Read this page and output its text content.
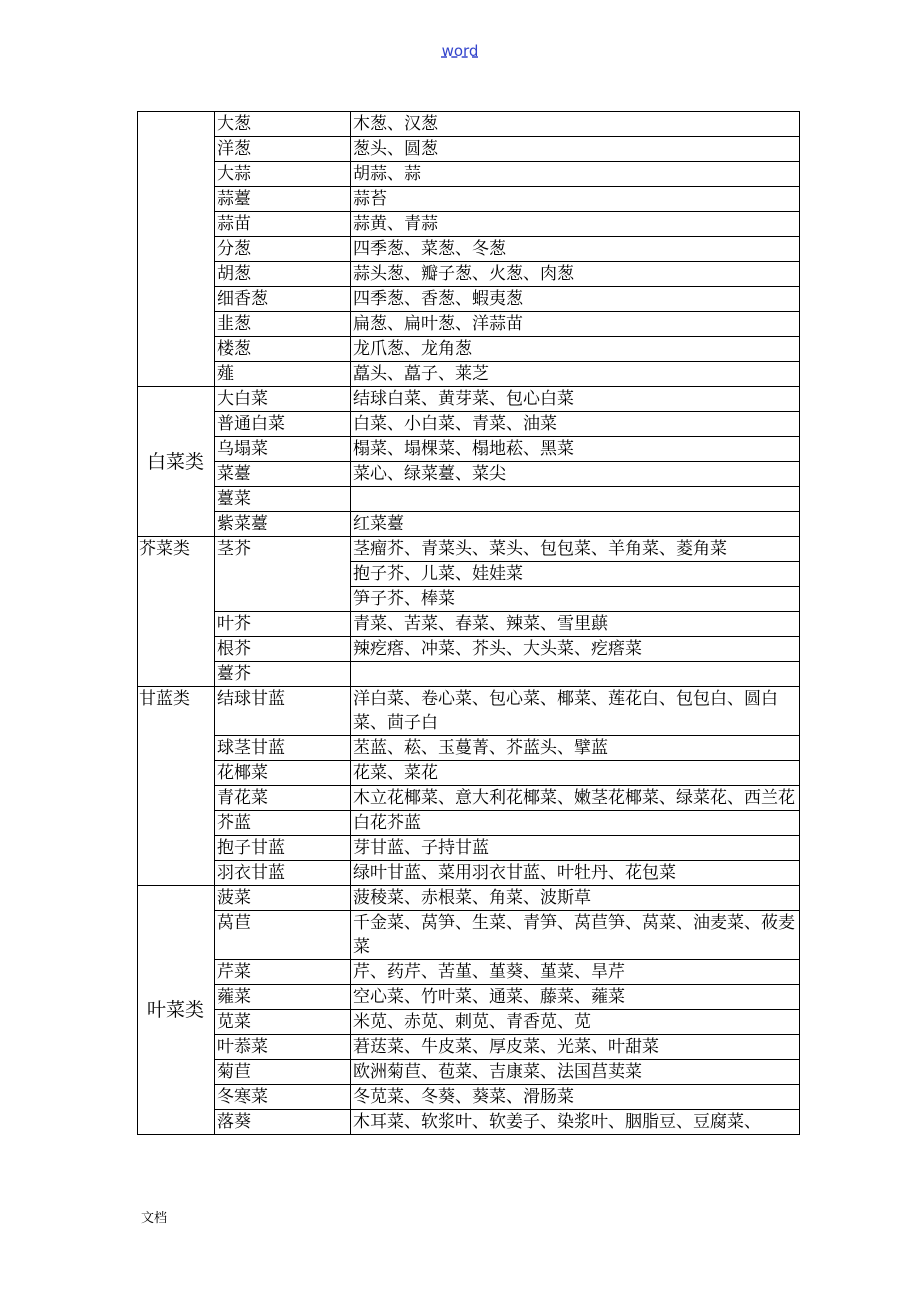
word
	大葱	木葱、汉葱
	洋葱	葱头、圆葱
	大蒜	胡蒜、蒜
	蒜薹	蒜苔
	蒜苗	蒜黄、青蒜
	分葱	四季葱、菜葱、冬葱
	胡葱	蒜头葱、瓣子葱、火葱、肉葱
	细香葱	四季葱、香葱、蝦夷葱
	韭葱	扁葱、扁叶葱、洋蒜苗
	楼葱	龙爪葱、龙角葱
	薤	藠头、藠子、莱芝
白菜类	大白菜	结球白菜、黄芽菜、包心白菜
	普通白菜	白菜、小白菜、青菜、油菜
	乌塌菜	榻菜、塌棵菜、榻地菘、黑菜
	菜薹	菜心、绿菜薹、菜尖
	薹菜	
	紫菜薹	红菜薹
芥菜类	茎芥	茎瘤芥、青菜头、菜头、包包菜、羊角菜、菱角菜
		抱子芥、儿菜、娃娃菜
		笋子芥、棒菜
	叶芥	青菜、苦菜、春菜、辣菜、雪里蕻
	根芥	辣疙瘩、冲菜、芥头、大头菜、疙瘩菜
	薹芥	
甘蓝类	结球甘蓝	洋白菜、卷心菜、包心菜、椰菜、莲花白、包包白、圆白菜、茴子白
	球茎甘蓝	苤蓝、菘、玉蔓菁、芥蓝头、擘蓝
	花椰菜	花菜、菜花
	青花菜	木立花椰菜、意大利花椰菜、嫩茎花椰菜、绿菜花、西兰花
	芥蓝	白花芥蓝
	抱子甘蓝	芽甘蓝、子持甘蓝
	羽衣甘蓝	绿叶甘蓝、菜用羽衣甘蓝、叶牡丹、花包菜
叶菜类	菠菜	菠稜菜、赤根菜、角菜、波斯草
	莴苣	千金菜、莴笋、生菜、青笋、莴苣笋、莴菜、油麦菜、莜麦菜
	芹菜	芹、药芹、苦堇、堇葵、堇菜、旱芹
	蕹菜	空心菜、竹叶菜、通菜、藤菜、蕹菜
	苋菜	米苋、赤苋、刺苋、青香苋、苋
	叶菾菜	莙荙菜、牛皮菜、厚皮菜、光菜、叶甜菜
	菊苣	欧洲菊苣、苞菜、吉康菜、法国莒荬菜
	冬寒菜	冬苋菜、冬葵、葵菜、滑肠菜
	落葵	木耳菜、软浆叶、软姜子、染浆叶、胭脂豆、豆腐菜、
文档
